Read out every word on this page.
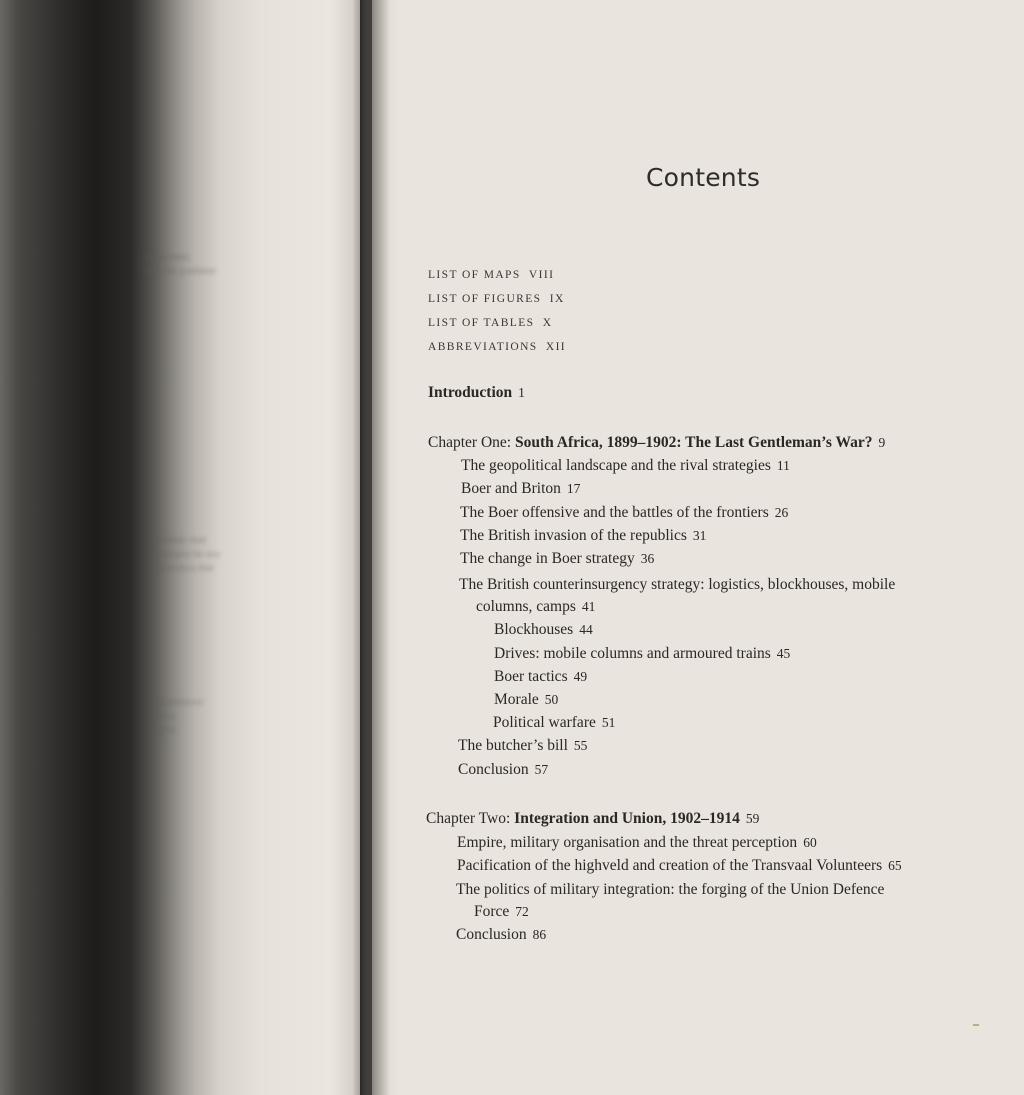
transmitted,
from the publisher
to obtain their
apologise for any
corrections that
Contributors/
Africa
(right).
Contents
LIST OF MAPS VIII
LIST OF FIGURES IX
LIST OF TABLES X
ABBREVIATIONS XII
Introduction 1
Chapter One: South Africa, 1899–1902: The Last Gentleman’s War? 9
The geopolitical landscape and the rival strategies 11
Boer and Briton 17
The Boer offensive and the battles of the frontiers 26
The British invasion of the republics 31
The change in Boer strategy 36
The British counterinsurgency strategy: logistics, blockhouses, mobile
columns, camps 41
Blockhouses 44
Drives: mobile columns and armoured trains 45
Boer tactics 49
Morale 50
Political warfare 51
The butcher’s bill 55
Conclusion 57
Chapter Two: Integration and Union, 1902–1914 59
Empire, military organisation and the threat perception 60
Pacification of the highveld and creation of the Transvaal Volunteers 65
The politics of military integration: the forging of the Union Defence
Force 72
Conclusion 86
